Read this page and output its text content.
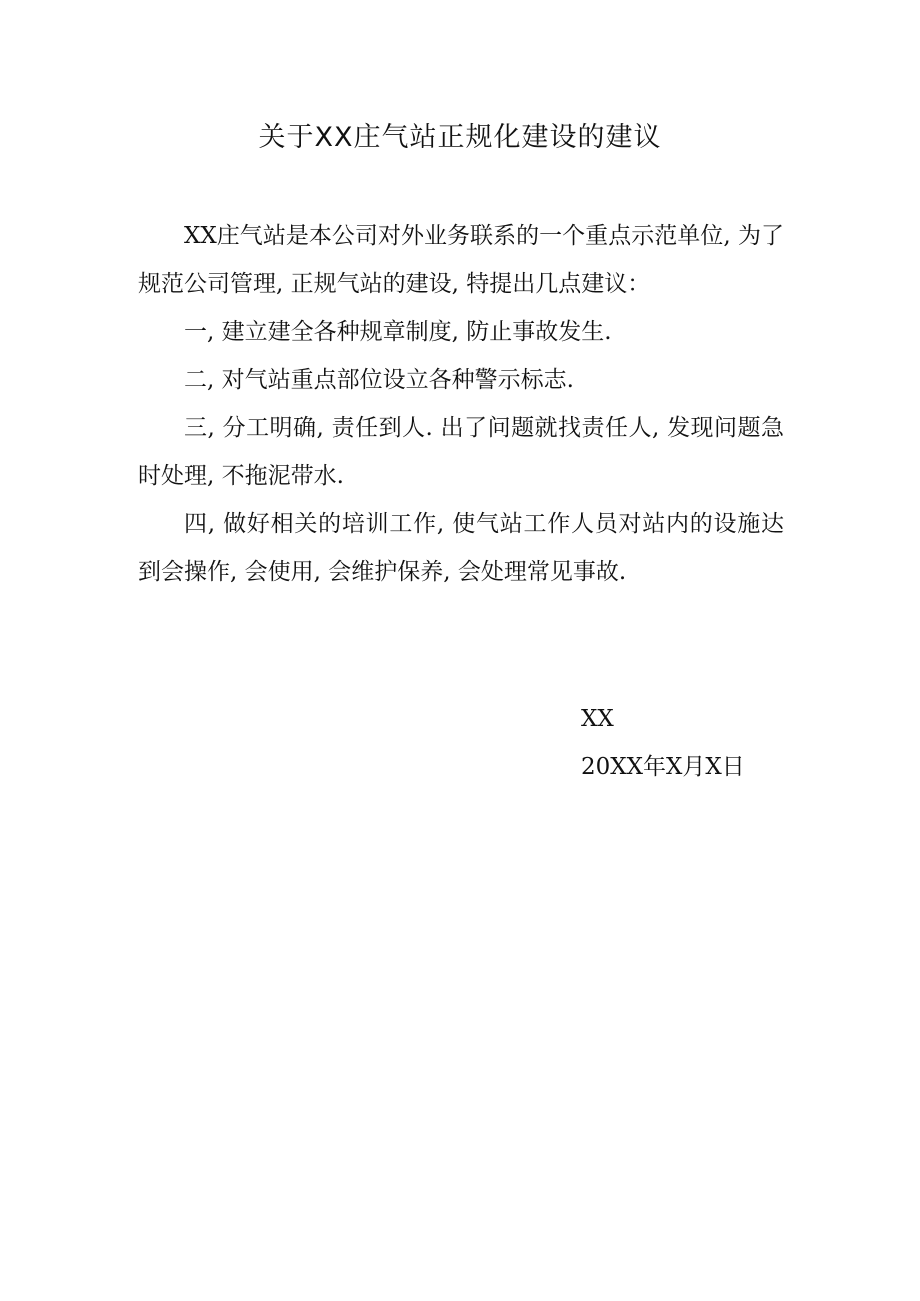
关于XX庄气站正规化建设的建议

XX庄气站是本公司对外业务联系的一个重点示范单位, 为了规范公司管理, 正规气站的建设, 特提出几点建议：

一, 建立建全各种规章制度, 防止事故发生.

二, 对气站重点部位设立各种警示标志.

三, 分工明确, 责任到人. 出了问题就找责任人, 发现问题急时处理, 不拖泥带水.

四, 做好相关的培训工作, 使气站工作人员对站内的设施达到会操作, 会使用, 会维护保养, 会处理常见事故.

XX
20XX年X月X日
